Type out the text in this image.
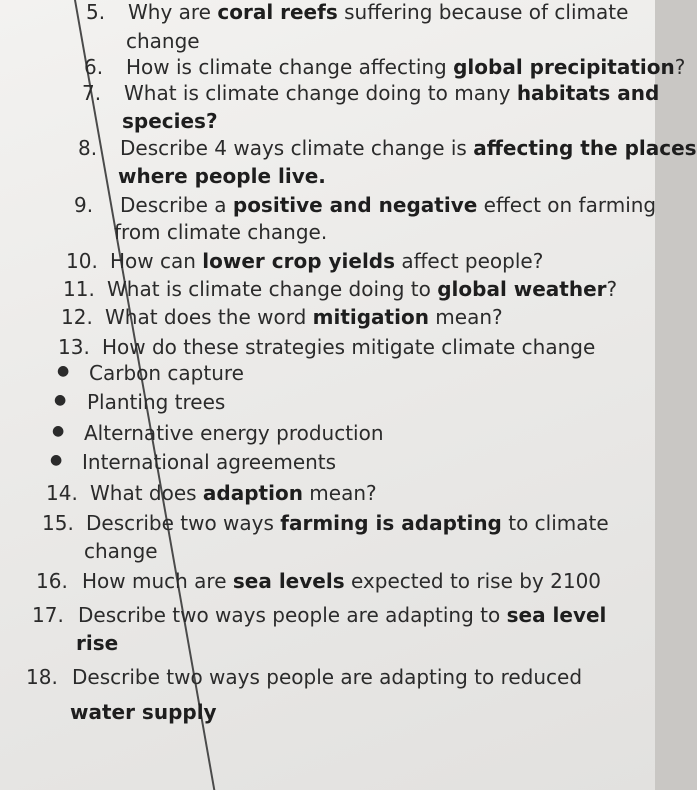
5. Why are coral reefs suffering because of climate
change
6. How is climate change affecting global precipitation?
7. What is climate change doing to many habitats and
species?
8. Describe 4 ways climate change is affecting the places
where people live.
9. Describe a positive and negative effect on farming
from climate change.
10. How can lower crop yields affect people?
11. What is climate change doing to global weather?
12. What does the word mitigation mean?
13. How do these strategies mitigate climate change
● Carbon capture
● Planting trees
● Alternative energy production
● International agreements
14. What does adaption mean?
15. Describe two ways farming is adapting to climate
change
16. How much are sea levels expected to rise by 2100
17. Describe two ways people are adapting to sea level
rise
18. Describe two ways people are adapting to reduced
water supply
